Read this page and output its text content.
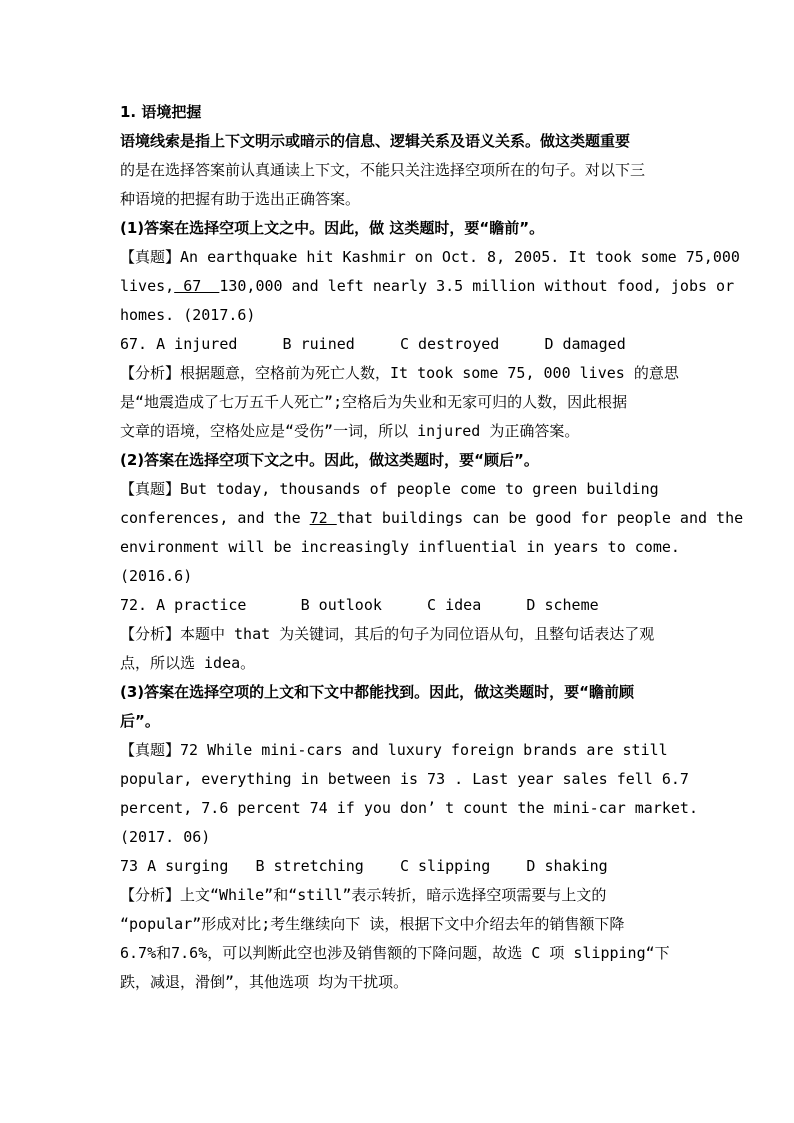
1. 语境把握
语境线索是指上下文明示或暗示的信息、逻辑关系及语义关系。做这类题重要
的是在选择答案前认真通读上下文，不能只关注选择空项所在的句子。对以下三
种语境的把握有助于选出正确答案。
(1)答案在选择空项上文之中。因此，做 这类题时，要“瞻前”。
【真题】An earthquake hit Kashmir on Oct. 8, 2005. It took some 75,000
lives, 67  130,000 and left nearly 3.5 million without food, jobs or
homes. (2017.6)
67. A injured     B ruined     C destroyed     D damaged
【分析】根据题意，空格前为死亡人数，It took some 75, 000 lives 的意思
是“地震造成了七万五千人死亡”;空格后为失业和无家可归的人数，因此根据
文章的语境，空格处应是“受伤”一词，所以 injured 为正确答案。
(2)答案在选择空项下文之中。因此，做这类题时，要“顾后”。
【真题】But today, thousands of people come to green building
conferences, and the 72 that buildings can be good for people and the
environment will be increasingly influential in years to come.
(2016.6)
72. A practice      B outlook     C idea     D scheme
【分析】本题中 that 为关键词，其后的句子为同位语从句，且整句话表达了观
点，所以选 idea。
(3)答案在选择空项的上文和下文中都能找到。因此，做这类题时，要“瞻前顾
后”。
【真题】72 While mini-cars and luxury foreign brands are still
popular, everything in between is 73 . Last year sales fell 6.7
percent, 7.6 percent 74 if you don’ t count the mini-car market.
(2017. 06)
73 A surging   B stretching    C slipping    D shaking
【分析】上文“While”和“still”表示转折，暗示选择空项需要与上文的
“popular”形成对比;考生继续向下 读，根据下文中介绍去年的销售额下降
6.7%和7.6%，可以判断此空也涉及销售额的下降问题，故选 C 项 slipping“下
跌，减退，滑倒”，其他选项 均为干扰项。
